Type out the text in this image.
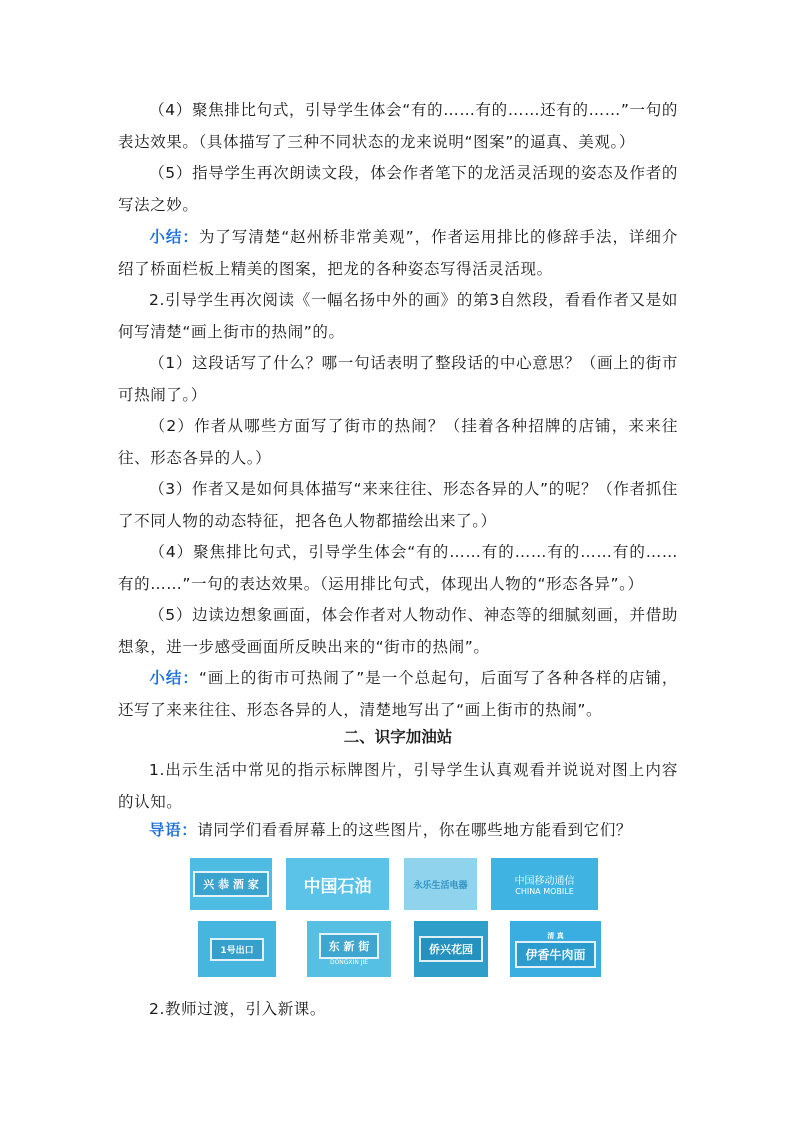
（4）聚焦排比句式，引导学生体会“有的……有的……还有的……”一句的表达效果。（具体描写了三种不同状态的龙来说明“图案”的逼真、美观。）
（5）指导学生再次朗读文段，体会作者笔下的龙活灵活现的姿态及作者的写法之妙。
小结：为了写清楚“赵州桥非常美观”，作者运用排比的修辞手法，详细介绍了桥面栏板上精美的图案，把龙的各种姿态写得活灵活现。
2.引导学生再次阅读《一幅名扬中外的画》的第3自然段，看看作者又是如何写清楚“画上街市的热闹”的。
（1）这段话写了什么？哪一句话表明了整段话的中心意思？（画上的街市可热闹了。）
（2）作者从哪些方面写了街市的热闹？（挂着各种招牌的店铺，来来往往、形态各异的人。）
（3）作者又是如何具体描写“来来往往、形态各异的人”的呢？（作者抓住了不同人物的动态特征，把各色人物都描绘出来了。）
（4）聚焦排比句式，引导学生体会“有的……有的……有的……有的……有的……”一句的表达效果。（运用排比句式，体现出人物的“形态各异”。）
（5）边读边想象画面，体会作者对人物动作、神态等的细腻刻画，并借助想象，进一步感受画面所反映出来的“街市的热闹”。
小结：“画上的街市可热闹了”是一个总起句，后面写了各种各样的店铺，还写了来来往往、形态各异的人，清楚地写出了“画上街市的热闹”。
二、识字加油站
1.出示生活中常见的指示标牌图片，引导学生认真观看并说说对图上内容的认知。
导语：请同学们看看屏幕上的这些图片，你在哪些地方能看到它们？
兴 恭 酒 家	中国石油	永乐生活电器	中国移动通信
CHINA MOBILE
1号出口	东 新 街
DONGXIN JIE
侨兴花园
清 真
伊香牛肉面
2.教师过渡，引入新课。
